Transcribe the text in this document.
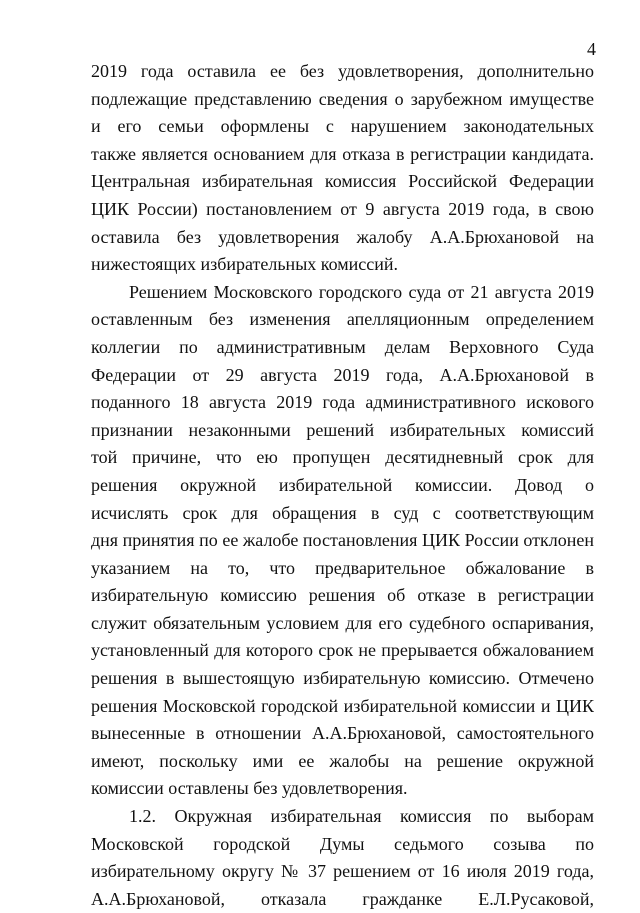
4
2019 года оставила ее без удовлетворения, дополнительно
подлежащие представлению сведения о зарубежном имуществе
и его семьи оформлены с нарушением законодательных
также является основанием для отказа в регистрации кандидата.
Центральная избирательная комиссия Российской Федерации
ЦИК России) постановлением от 9 августа 2019 года, в свою
оставила без удовлетворения жалобу А.А.Брюхановой на
нижестоящих избирательных комиссий.
Решением Московского городского суда от 21 августа 2019
оставленным без изменения апелляционным определением
коллегии по административным делам Верховного Суда
Федерации от 29 августа 2019 года, А.А.Брюхановой в
поданного 18 августа 2019 года административного искового
признании незаконными решений избирательных комиссий
той причине, что ею пропущен десятидневный срок для
решения окружной избирательной комиссии. Довод о
исчислять срок для обращения в суд с соответствующим
дня принятия по ее жалобе постановления ЦИК России отклонен
указанием на то, что предварительное обжалование в
избирательную комиссию решения об отказе в регистрации
служит обязательным условием для его судебного оспаривания,
установленный для которого срок не прерывается обжалованием
решения в вышестоящую избирательную комиссию. Отмечено
решения Московской городской избирательной комиссии и ЦИК
вынесенные в отношении А.А.Брюхановой, самостоятельного
имеют, поскольку ими ее жалобы на решение окружной
комиссии оставлены без удовлетворения.
1.2. Окружная избирательная комиссия по выборам
Московской городской Думы седьмого созыва по
избирательному округу № 37 решением от 16 июля 2019 года,
А.А.Брюхановой, отказала гражданке Е.Л.Русаковой,
